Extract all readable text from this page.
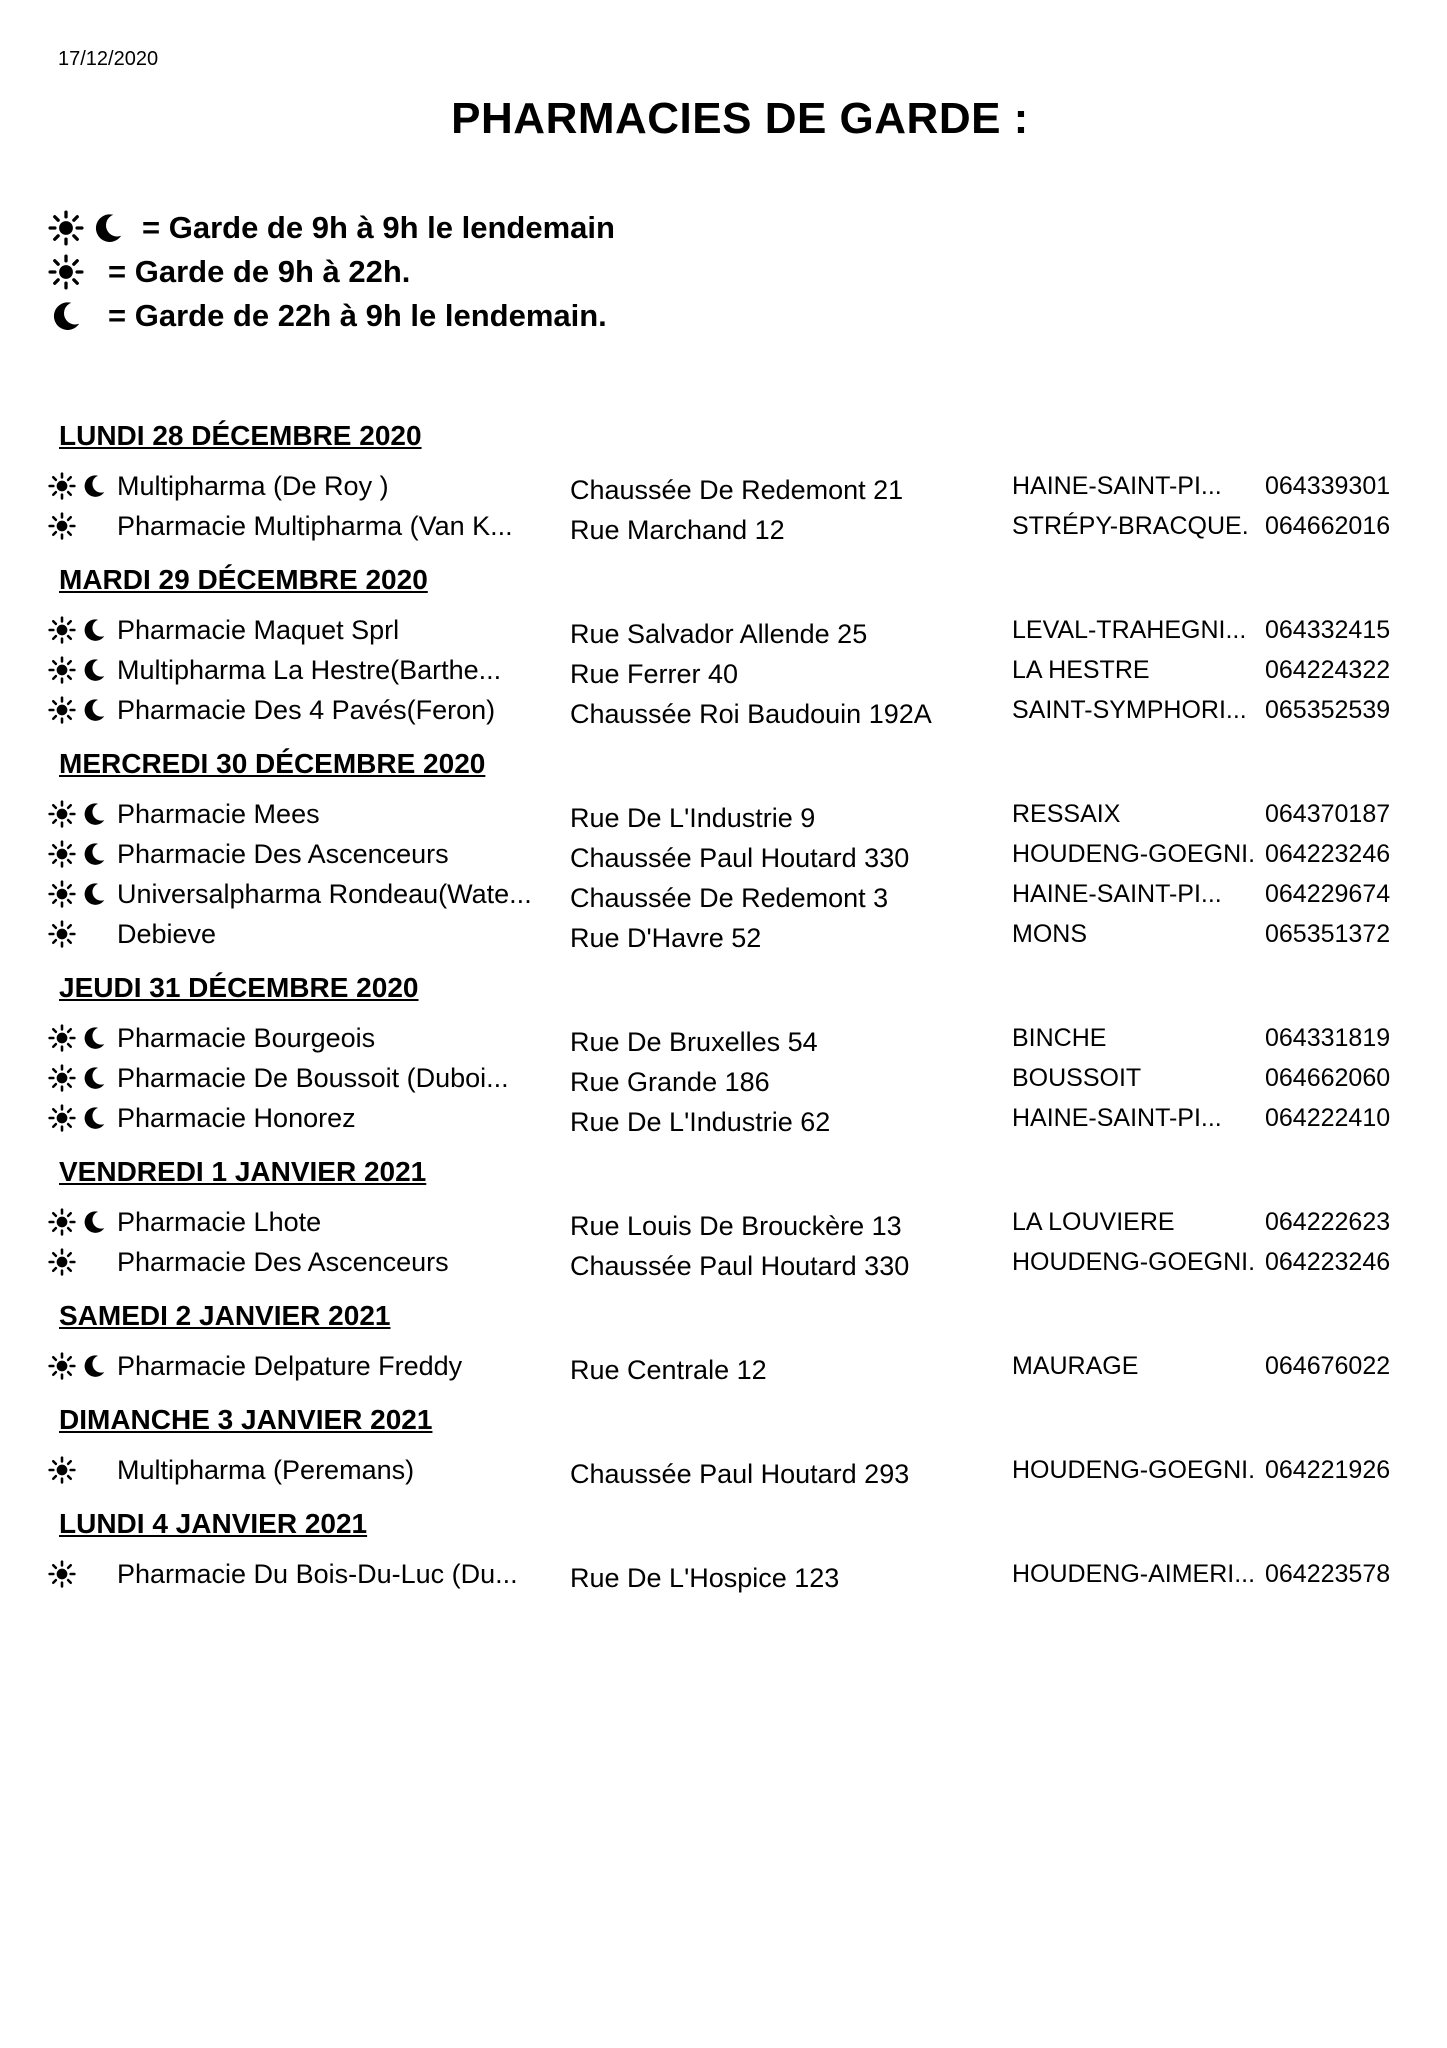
17/12/2020
PHARMACIES DE GARDE :
= Garde de 9h à 9h le lendemain
= Garde de 9h à 22h.
= Garde de 22h à 9h le lendemain.
LUNDI 28 DÉCEMBRE 2020
Multipharma (De Roy )	Chaussée De Redemont 21	HAINE-SAINT-PI...	064339301
Pharmacie Multipharma (Van K...	Rue Marchand 12	STRÉPY-BRACQUE. 064662016
MARDI 29 DÉCEMBRE 2020
Pharmacie Maquet Sprl	Rue Salvador Allende 25	LEVAL-TRAHEGNI... 064332415
Multipharma La Hestre(Barthe...	Rue Ferrer 40	LA HESTRE	064224322
Pharmacie Des 4 Pavés(Feron)	Chaussée Roi Baudouin 192A	SAINT-SYMPHORI... 065352539
MERCREDI 30 DÉCEMBRE 2020
Pharmacie Mees	Rue De L'Industrie 9	RESSAIX	064370187
Pharmacie Des Ascenceurs	Chaussée Paul Houtard 330	HOUDENG-GOEGNI. 064223246
Universalpharma Rondeau(Wate...	Chaussée De Redemont 3	HAINE-SAINT-PI...	064229674
Debieve	Rue D'Havre 52	MONS	065351372
JEUDI 31 DÉCEMBRE 2020
Pharmacie Bourgeois	Rue De Bruxelles 54	BINCHE	064331819
Pharmacie De Boussoit (Duboi...	Rue Grande 186	BOUSSOIT	064662060
Pharmacie Honorez	Rue De L'Industrie 62	HAINE-SAINT-PI...	064222410
VENDREDI 1 JANVIER 2021
Pharmacie Lhote	Rue Louis De Brouckère 13	LA LOUVIERE	064222623
Pharmacie Des Ascenceurs	Chaussée Paul Houtard 330	HOUDENG-GOEGNI. 064223246
SAMEDI 2 JANVIER 2021
Pharmacie Delpature Freddy	Rue Centrale 12	MAURAGE	064676022
DIMANCHE 3 JANVIER 2021
Multipharma (Peremans)	Chaussée Paul Houtard 293	HOUDENG-GOEGNI. 064221926
LUNDI 4 JANVIER 2021
Pharmacie Du Bois-Du-Luc (Du...	Rue De L'Hospice 123	HOUDENG-AIMERI... 064223578
